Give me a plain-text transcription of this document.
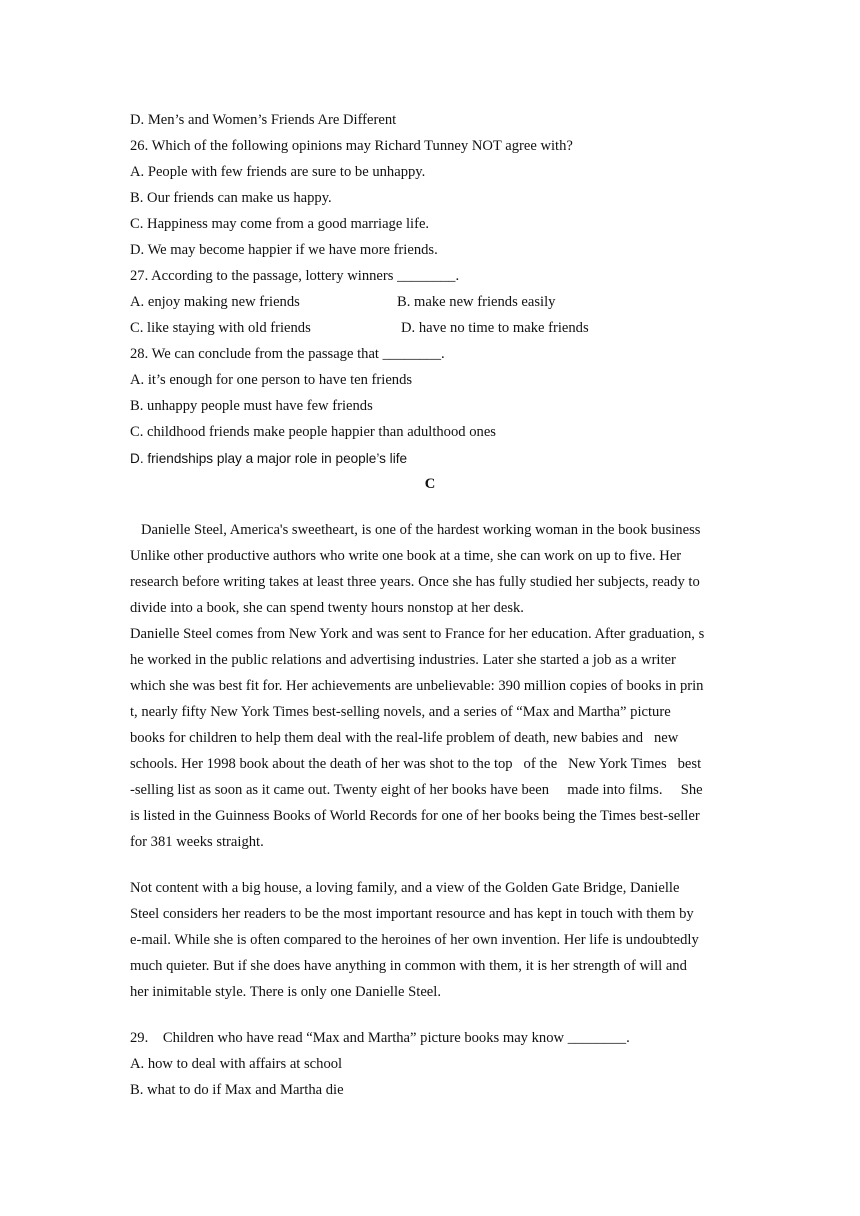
D. Men’s and Women’s Friends Are Different
26. Which of the following opinions may Richard Tunney NOT agree with?
A. People with few friends are sure to be unhappy.
B. Our friends can make us happy.
C. Happiness may come from a good marriage life.
D. We may become happier if we have more friends.
27. According to the passage, lottery winners ________.
A. enjoy making new friends	B. make new friends easily
C. like staying with old friends	D. have no time to make friends
28. We can conclude from the passage that ________.
A. it’s enough for one person to have ten friends
B. unhappy people must have few friends
C. childhood friends make people happier than adulthood ones
D. friendships play a major role in people’s life
C
Danielle Steel, America's sweetheart, is one of the hardest working woman in the book business
Unlike other productive authors who write one book at a time, she can work on up to five. Her
research before writing takes at least three years. Once she has fully studied her subjects, ready to
divide into a book, she can spend twenty hours nonstop at her desk.
Danielle Steel comes from New York and was sent to France for her education. After graduation, s
he worked in the public relations and advertising industries. Later she started a job as a writer
which she was best fit for. Her achievements are unbelievable: 390 million copies of books in prin
t, nearly fifty New York Times best-selling novels, and a series of “Max and Martha” picture
books for children to help them deal with the real-life problem of death, new babies and   new
schools. Her 1998 book about the death of her was shot to the top   of the   New York Times   best
-selling list as soon as it came out. Twenty eight of her books have been     made into films.     She
is listed in the Guinness Books of World Records for one of her books being the Times best-seller
for 381 weeks straight.
Not content with a big house, a loving family, and a view of the Golden Gate Bridge, Danielle
Steel considers her readers to be the most important resource and has kept in touch with them by
e-mail. While she is often compared to the heroines of her own invention. Her life is undoubtedly
much quieter. But if she does have anything in common with them, it is her strength of will and
her inimitable style. There is only one Danielle Steel.
29.    Children who have read “Max and Martha” picture books may know ________.
A. how to deal with affairs at school
B. what to do if Max and Martha die
